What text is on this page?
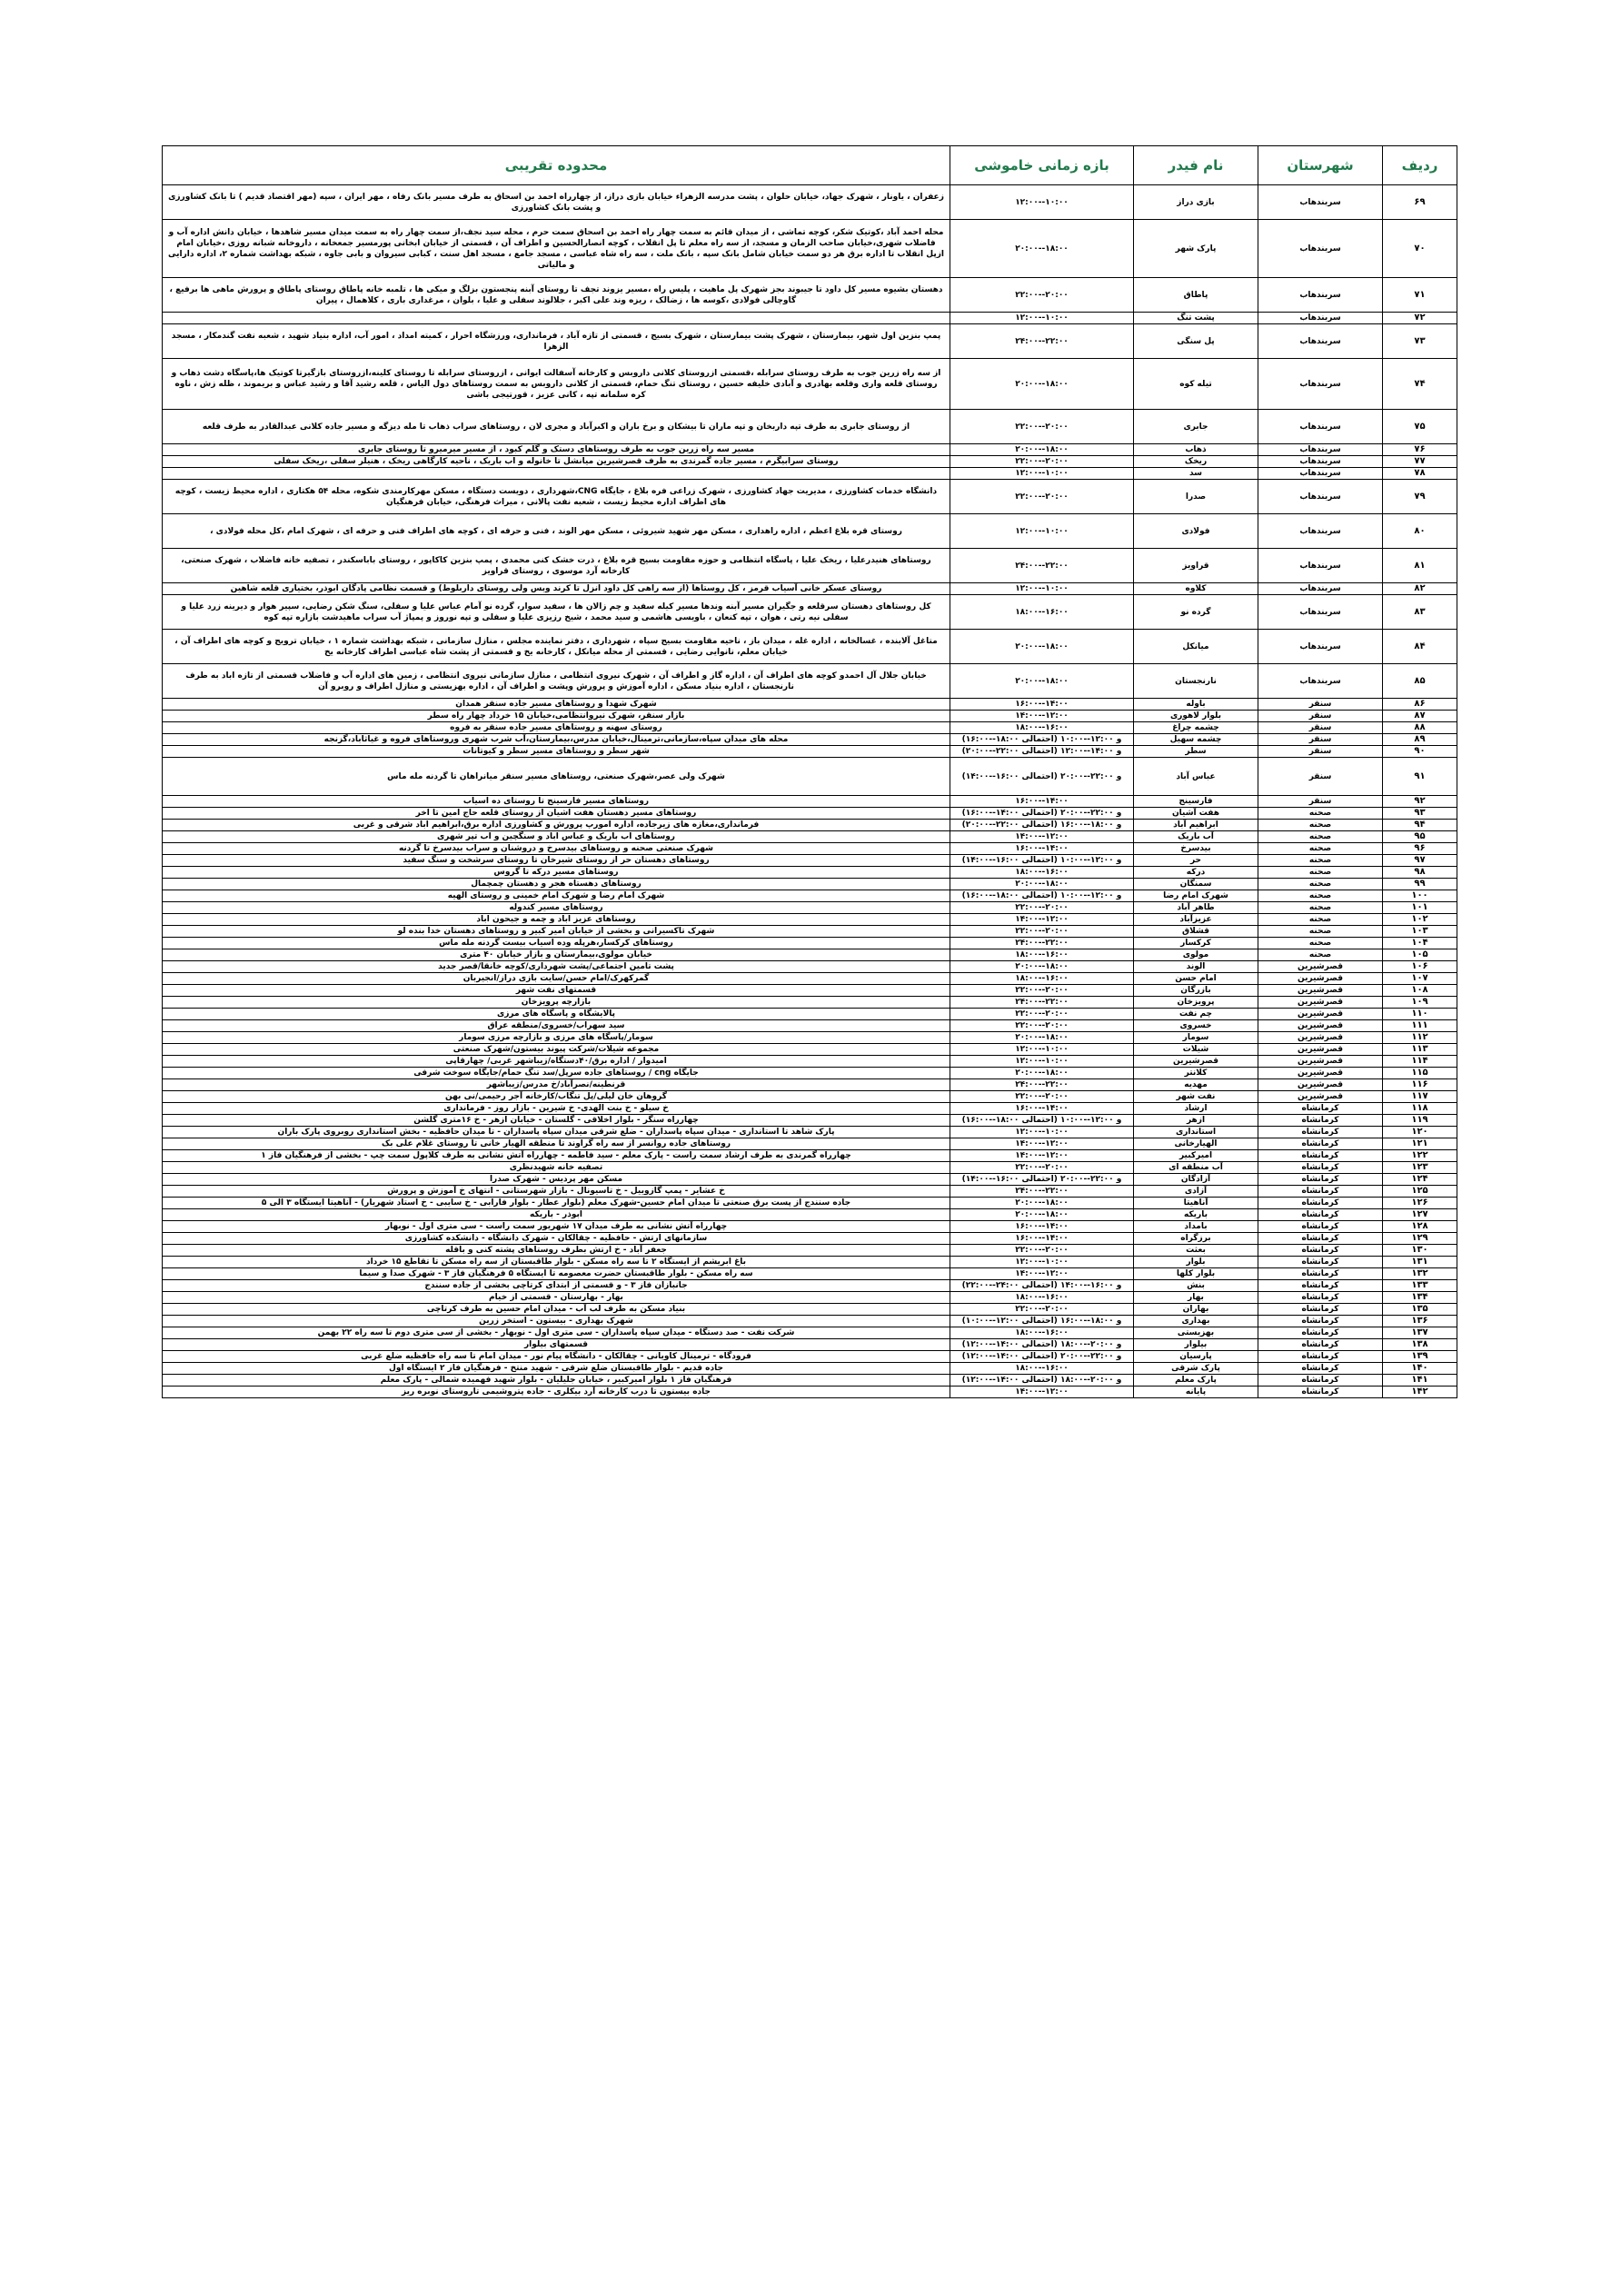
ردیف	شهرستان	نام فیدر	بازه زمانی خاموشی	محدوده تقریبی
۶۹	سربندهاب	بازی دراز	۱۲:۰۰--۱۰:۰۰	زعفران ، یاونار ، شهرک جهاد، خیابان حلوان ، پشت مدرسه الزهراء خیابان بازی دراز، از چهارراه احمد بن اسحاق به طرف مسیر بانک رفاه ، مهر ایران ، سپه (مهر اقتصاد قدیم ) تا بانک کشاورزی و پشت بانک کشاورزی
۷۰	سربندهاب	پارک شهر	۲۰:۰۰--۱۸:۰۰	محله احمد آباد ،کوتیک شکر، کوچه تماشی ، از میدان قائم به سمت چهار راه احمد بن اسحاق سمت حرم ، محله سید نجف،از سمت چهار راه به سمت میدان مسیر شاهدها ، خیابان دانش اداره آب و فاضلاب شهری،خیابان صاحب الزمان و مسجد، از سه راه معلم تا پل انقلاب ، کوچه انصارالحسین و اطراف آن ، قسمتی از خیابان ابخانی پورمسیر جمعخانه ، داروخانه شبانه روزی ،خیابان امام ازپل انقلاب تا اداره برق هر دو سمت خیابان شامل بانک سپه ، بانک ملت ، سه راه شاه عباسی ، مسجد جامع ، مسجد اهل سنت ، کبابی سیروان و بابی جاوه ، شبکه بهداشت شماره ۲، اداره دارایی و مالیاتی
۷۱	سربندهاب	پاطاق	۲۲:۰۰--۲۰:۰۰	دهستان بشیوه مسیر کل داود تا جیبوند بجز شهرک پل ماهیت ، پلیس راه ،مسیر یزوند تجف تا روستای آبنه پنجستون بزلگ و میکی ها ، تلمبه خانه پاطاق روستای پاطاق و پرورش ماهی ها برفیع ، گاوچالی فولادی ،کوسه ها ، زضالک ، ریزه وند علی اکبر ، جلالوند سفلی و علیا ، بلوان ، مرغداری باری ، کلاهمال ، پیران
۷۲	سربندهاب	پشت تنگ	۱۲:۰۰--۱۰:۰۰	
۷۳	سربندهاب	پل سنگی	۲۴:۰۰--۲۲:۰۰	پمپ بنزین اول شهر، بیمارستان ، شهرک پشت بیمارستان ، شهرک بسیج ، قسمتی از تازه آباد ، فرمانداری، ورزشگاه احرار ، کمیته امداد ، امور آب، اداره بنیاد شهید ، شعبه نفت گندمکار ، مسجد الزهرا
۷۴	سربندهاب	تیله کوه	۲۰:۰۰--۱۸:۰۰	از سه راه زرین جوب به طرف روستای سرابله ،قسمتی ازروستای کلانی داروبس و کارخانه آسفالت ایوانی ، ازروستای سرابله تا روستای کلینه،ازروستای بازگیرتا کوتیک ها،پاسگاه دشت ذهاب و روستای قلعه واری وقلعه بهادری و آبادی خلیفه حسین ، روستای تنگ حمام، قسمتی از کلانی داروبس به سمت روستاهای دول الیاس ، قلعه رشید آقا و رشید عباس و بریموند ، ظله زش ، ناوه کره سلمانه تپه ، کانی عزیز ، قورتیجی باشی
۷۵	سربندهاب	جابری	۲۲:۰۰--۲۰:۰۰	از روستای جابری به طرف تپه داربخان و تپه ماران تا بیشکان و برخ باران و اکبرآباد و مجری لان ، روستاهای سراب ذهاب تا مله دیزگه و مسیر جاده کلانی عبدالقادر به طرف قلعه
۷۶	سربندهاب	ذهاب	۲۰:۰۰--۱۸:۰۰	مسیر سه راه زرین جوب به طرف روستاهای دستک و گلم کبود ، از مسیر میرمیرو تا روستای جابری
۷۷	سربندهاب	ریخک	۲۲:۰۰--۲۰:۰۰	روستای سرابیگرم ، مسیر جاده گمرندی به طرف قصرشیرین میانشل تا خانوله و اب باریک ، ناحیه کارگاهی ریخک ، هنیلر سفلی ،ریخک سفلی
۷۸	سربندهاب	سد	۱۲:۰۰--۱۰:۰۰	
۷۹	سربندهاب	صدرا	۲۲:۰۰--۲۰:۰۰	دانشگاه خدمات کشاورزی ، مدیریت جهاد کشاورزی ، شهرک زراعی فره بلاغ ، جایگاه CNG،شهرداری ، دویست دستگاه ، مسکن مهرکارمندی شکوه، محله ۵۴ هکتاری ، اداره محیط زیست ، کوچه های اطراف اداره محیط زیست ، شعبه نفت پالانی ، میراث فرهنگی، خیابان فرهنگیان
۸۰	سربندهاب	فولادی	۱۲:۰۰--۱۰:۰۰	روستای قره بلاغ اعظم ، اداره راهداری ، مسکن مهر شهید شیروئی ، مسکن مهر الوند ، فنی و حرفه ای ، کوچه های اطراف فنی و حرفه ای ، شهرک امام ،کل محله فولادی ،
۸۱	سربندهاب	قراویز	۲۴:۰۰--۲۲:۰۰	روستاهای هنیدرعلیا ، ریخک علیا ، پاسگاه انتظامی و حوزه مقاومت بسیج قره بلاغ ، ذرت خشک کنی محمدی ، پمپ بنزین کاکاپور ، روستای باباسکندر ، تصفیه خانه فاضلاب ، شهرک صنعتی، کارخانه آرد موسوی ، روستای قراویز
۸۲	سربندهاب	کلاوه	۱۲:۰۰--۱۰:۰۰	روستای عسکر خانی آسیاب قرمز ، کل روستاها (از سه راهی کل داود انزل تا کرند وبس ولی روستای داربلوط) و قسمت نظامی پادگان ابوذر، بختیاری قلعه شاهین
۸۳	سربندهاب	گرده نو	۱۸:۰۰--۱۶:۰۰	کل روستاهای دهستان سرقلعه و جگیران مسیر آبنه وندها مسیر کیله سفید و چم زالان ها ، سفید سوار، گرده نو آمام عباس علیا و سفلی، سنگ شکن رضایی، سپیر هوار و دیرینه زرد علیا و سفلی نیه رتی ، هوان ، تپه کنعان ، باویسی هاشمی و سید محمد ، شیخ رزیزی علیا و سفلی و تپه نوروز و پمپاژ آب سراب ماهیدشت بازاره تپه کوه
۸۴	سربندهاب	میانکل	۲۰:۰۰--۱۸:۰۰	متاغل آلابنده ، غسالخانه ، اداره غله ، میدان باز ، ناحیه مقاومت بسیج سپاه ، شهرداری ، دفتر نماینده مجلس ، منازل سازمانی ، شبکه بهداشت شماره ۱ ، خیابان ترویج و کوچه های اطراف آن ، خیابان معلم، نانوایی رضایی ، قسمتی از محله میانکل ، کارخانه یخ و قسمتی از پشت شاه عباسی اطراف کارخانه یخ
۸۵	سربندهاب	نارنجستان	۲۰:۰۰--۱۸:۰۰	خیابان جلال آل احمدو کوچه های اطراف آن ، اداره گاز و اطراف آن ، شهرک نیروی انتظامی ، منازل سازمانی نیروی انتظامی ، زمین های اداره آب و فاضلاب قسمتی از تازه اباد به طرف نارنجستان ، اداره بنیاد مسکن ، اداره آموزش و پرورش وپشت و اطراف آن ، اداره بهزیستی و منازل اطراف و روبرو آن
۸۶	سنقر	باوله	۱۶:۰۰--۱۴:۰۰	شهرک شهدا و روستاهای مسیر جاده سنقر همدان
۸۷	سنقر	بلوار لاهوری	۱۴:۰۰--۱۲:۰۰	بازار سنقر، شهرک نیروانتظامی،خیابان ۱۵ خرداد چهار راه سطر
۸۸	سنقر	چشمه چراغ	۱۸:۰۰--۱۶:۰۰	روستای سهنه و روستاهای مسیر جاده سنقر به فروه
۸۹	سنقر	چشمه سهیل	(احتمالی ۱۸:۰۰--۱۶:۰۰) و ۱۲:۰۰--۱۰:۰۰	محله های میدان سپاه،سازمانی،ترمینال،خیابان مدرس،بیمارستان،آب شرب شهری وروستاهای فروه و غیاثاباد،گزنجه
۹۰	سنقر	سطر	(احتمالی ۲۲:۰۰--۲۰:۰۰) و ۱۴:۰۰--۱۲:۰۰	شهر سطر و روستاهای مسیر سطر و کیوتانات
۹۱	سنقر	عباس آباد	(احتمالی ۱۶:۰۰--۱۴:۰۰) و ۲۲:۰۰--۲۰:۰۰	شهرک ولی عصر،شهرک صنعتی، روستاهای مسیر سنقر میانراهان تا گردنه مله ماس
۹۲	سنقر	فارسینج	۱۶:۰۰--۱۴:۰۰	روستاهای مسیر فارسینج تا روستای ده اسیاب
۹۳	صحنه	هفت آشیان	(احتمالی ۱۴:۰۰--۱۶:۰۰) و ۲۲:۰۰--۲۰:۰۰	روستاهای مسیر دهستان هفت اشیان از روستای قلعه حاج امین تا اخر
۹۴	صحنه	ابراهیم آباد	(احتمالی ۲۲:۰۰--۲۰:۰۰) و ۱۸:۰۰--۱۶:۰۰	فرمانداری،مغازه های زیرجاده، اداره امورپ پرورش و کشاورزی اداره برق،ابراهیم اباد شرقی و غربی
۹۵	صحنه	آب باریک	۱۴:۰۰--۱۲:۰۰	روستاهای اب باریک و عباس اباد و سنگچین و اب تپر شهری
۹۶	صحنه	بیدسرخ	۱۶:۰۰--۱۴:۰۰	شهرک صنعتی صحنه و روستاهای بیدسرخ و دروشنان و سراب بیدسرخ تا گردنه
۹۷	صحنه	حر	(احتمالی ۱۶:۰۰--۱۴:۰۰) و ۱۲:۰۰--۱۰:۰۰	روستاهای دهستان حر از روستای شیرخان تا روستای سرشخت و سنگ سفید
۹۸	صحنه	درکه	۱۸:۰۰--۱۶:۰۰	روستاهای مسیر درکه تا گروس
۹۹	صحنه	سمنگان	۲۰:۰۰--۱۸:۰۰	روستاهای دهستاه هجر و دهستان چمچمال
۱۰۰	صحنه	شهرک امام رضا	(احتمالی ۱۸:۰۰--۱۶:۰۰) و ۱۲:۰۰--۱۰:۰۰	شهرک امام رضا و شهرک امام خمینی و روستای الهیه
۱۰۱	صحنه	طاهر آباد	۲۲:۰۰--۲۰:۰۰	روستاهای مسیر کندوله
۱۰۲	صحنه	عزیزآباد	۱۴:۰۰--۱۲:۰۰	روستاهای عزیز اباد و چمه و جیحون اباد
۱۰۳	صحنه	قشلاق	۲۲:۰۰--۲۰:۰۰	شهرک تاکسیرانی و بخشی از خیابان امیر کبیر و روستاهای دهستان خدا بنده لو
۱۰۴	صحنه	کرکسار	۲۴:۰۰--۲۲:۰۰	روستاهای کرکسار،هرپله وده اسیاب بیست گردنه مله ماس
۱۰۵	صحنه	مولوی	۱۸:۰۰--۱۶:۰۰	خیابان مولوی،بیمارستان و بازار خیابان ۴۰ متری
۱۰۶	قصرشیرین	الوند	۲۰:۰۰--۱۸:۰۰	پشت تامین اجتماعی/پشت شهرداری/کوچه خانقا/قصر جدید
۱۰۷	قصرشیرین	امام حسن	۱۸:۰۰--۱۶:۰۰	گمرکهرک/امام حسن/سایت بازی دراز/انجیربان
۱۰۸	قصرشیرین	بازرگان	۲۲:۰۰--۲۰:۰۰	قسمتهای نفت شهر
۱۰۹	قصرشیرین	پرویزخان	۲۴:۰۰--۲۲:۰۰	بازارچه پرویزخان
۱۱۰	قصرشیرین	چم نفت	۲۲:۰۰--۲۰:۰۰	پالایشگاه و پاسگاه های مرزی
۱۱۱	قصرشیرین	خسروی	۲۲:۰۰--۲۰:۰۰	سید سهراب/خسروی/منطقه عراق
۱۱۲	قصرشیرین	سومار	۲۰:۰۰--۱۸:۰۰	سومار/پاسگاه های مرزی و بازارچه مرزی سومار
۱۱۳	قصرشیرین	شیلات	۱۲:۰۰--۱۰:۰۰	مجموعه شیلات/شرکت پیوند بیستون/شهرک صنعتی
۱۱۴	قصرشیرین	قصرشیرین	۱۲:۰۰--۱۰:۰۰	امیدوار / اداره برق/۴۰دستگاه/زیباشهر غربی/ چهارقاپی
۱۱۵	قصرشیرین	کلانتر	۲۰:۰۰--۱۸:۰۰	جایگاه cng / روستاهای جاده سرپل/سد تنگ حمام/جایگاه سوخت شرفی
۱۱۶	قصرشیرین	مهدیه	۲۴:۰۰--۲۲:۰۰	قرنطینه/نصرآباد/خ مدرس/زیباشهر
۱۱۷	قصرشیرین	نفت شهر	۲۲:۰۰--۲۰:۰۰	گروهان خان لیلی/پل تنگاب/کارخانه آجر رحیمی/نی بهن
۱۱۸	کرمانشاه	ارشاد	۱۶:۰۰--۱۴:۰۰	خ سیلو - خ بنت الهدی- خ شیرین - بازار روز - فرمانداری
۱۱۹	کرمانشاه	ازهر	(احتمالی ۱۸:۰۰--۱۶:۰۰) و ۱۲:۰۰--۱۰:۰۰	چهارراه سنگر - بلوار اخلاقی - گلستان - خیابان ازهر - خ ۱۶متری گلشن
۱۲۰	کرمانشاه	استانداری	۱۲:۰۰--۱۰:۰۰	پارک شاهد تا استانداری - میدان سپاه پاسداران - ضلع شرقی میدان سپاه پاسداران - تا میدان حافظیه - بخش استانداری روبروی پارک باران
۱۲۱	کرمانشاه	الهیارخانی	۱۴:۰۰--۱۲:۰۰	روستاهای جاده روانسر از سه راه گراوند تا منطقه الهیار خانی تا روستای غلام علی بک
۱۲۲	کرمانشاه	امیرکبیر	۱۴:۰۰--۱۲:۰۰	چهارراه گمرندی به طرف ارشاد سمت راست - پارک معلم - سید فاطمه - چهارراه آتش نشانی به طرف کلاپول سمت چپ - بخشی از فرهنگیان فاز ۱
۱۲۳	کرمانشاه	آب منطقه ای	۲۲:۰۰--۲۰:۰۰	تصفیه خانه شهیدنظری
۱۲۴	کرمانشاه	آزادگان	(احتمالی ۱۶:۰۰--۱۴:۰۰) و ۲۲:۰۰--۲۰:۰۰	مسکن مهر پردیس - شهرک صدرا
۱۲۵	کرمانشاه	آزادی	۲۴:۰۰--۲۲:۰۰	خ عشایر - پمپ گازوییل - خ تاسیونال - بازار شهرستانی - انتهای خ آموزش و پرورش
۱۲۶	کرمانشاه	آناهیتا	۲۰:۰۰--۱۸:۰۰	جاده سنندج از پست برق صنعتی تا میدان امام حسین-شهرک معلم (بلوار عطار - بلوار فارابی - خ سایبی - خ استاد شهریار) - آناهیتا ایستگاه ۳ الی ۵
۱۲۷	کرمانشاه	باریکه	۲۰:۰۰--۱۸:۰۰	ابوذر - باریکه
۱۲۸	کرمانشاه	بامداد	۱۶:۰۰--۱۴:۰۰	چهارراه آتش نشانی به طرف میدان ۱۷ شهریور سمت راست - سی متری اول - نوبهار
۱۲۹	کرمانشاه	برزگراه	۱۶:۰۰--۱۴:۰۰	سازمانهای ارتش - حافظیه - چقالکان - شهرک دانشگاه - دانشکده کشاورزی
۱۳۰	کرمانشاه	بعثت	۲۲:۰۰--۲۰:۰۰	جعفر آباد - خ ارتش بطرف روستاهای پشته کنی و باقله
۱۳۱	کرمانشاه	بلوار	۱۲:۰۰--۱۰:۰۰	باغ ابریشم از ایستگاه ۲ تا سه راه مسکن - بلوار طاقبستان از سه راه مسکن تا تقاطع ۱۵ خرداد
۱۳۲	کرمانشاه	بلوار کلها	۱۴:۰۰--۱۲:۰۰	سه راه مسکن - بلوار طاقبستان حضرت معصومه تا ایستگاه ۵ فرهنگیان فاز ۳ - شهرک صدا و سیما
۱۳۳	کرمانشاه	بنش	(احتمالی ۲۴:۰۰--۲۲:۰۰) و ۱۶:۰۰--۱۴:۰۰	جانبازان فاز ۳ - و قسمتی از ابتدای کرتاچی بخشی از جاده سنندج
۱۳۴	کرمانشاه	بهار	۱۸:۰۰--۱۶:۰۰	بهار - بهارستان - قسمتی از خیام
۱۳۵	کرمانشاه	بهاران	۲۲:۰۰--۲۰:۰۰	بنیاد مسکن به طرف لب آب - میدان امام حسین به طرف کرتاچی
۱۳۶	کرمانشاه	بهداری	(احتمالی ۱۲:۰۰--۱۰:۰۰) و ۱۸:۰۰--۱۶:۰۰	شهرک بهداری - بیستون - استخر زرین
۱۳۷	کرمانشاه	بهزیستی	۱۸:۰۰--۱۶:۰۰	شرکت نفت - صد دستگاه - میدان سپاه پاسداران - سی متری اول - نوبهار - بخشی از سی متری دوم تا سه راه ۲۲ بهمن
۱۳۸	کرمانشاه	بیلوار	(احتمالی ۱۴:۰۰--۱۲:۰۰) و ۲۰:۰۰--۱۸:۰۰	قسمتهای بیلوار
۱۳۹	کرمانشاه	پارسیان	(احتمالی ۱۴:۰۰--۱۲:۰۰) و ۲۲:۰۰--۲۰:۰۰	فرودگاه - ترمینال کاویانی - چقالکان - دانشگاه پیام نور - میدان امام تا سه راه حافظیه ضلع غربی
۱۴۰	کرمانشاه	پارک شرقی	۱۸:۰۰--۱۶:۰۰	جاده قدیم - بلوار طاقبستان ضلع شرقی - شهید منتخ - فرهنگیان فاز ۲ ایستگاه اول
۱۴۱	کرمانشاه	پارک معلم	(احتمالی ۱۴:۰۰--۱۲:۰۰) و ۲۰:۰۰--۱۸:۰۰	فرهنگیان فاز ۱ بلوار امیرکبیر ، خیابان جلیلیان - بلوار شهید فهمیده شمالی - پارک معلم
۱۴۲	کرمانشاه	پایانه	۱۴:۰۰--۱۲:۰۰	جاده بیستون تا درب کارخانه آرد بیکلری - جاده پتروشیمی تاروستای نوبره ریز
